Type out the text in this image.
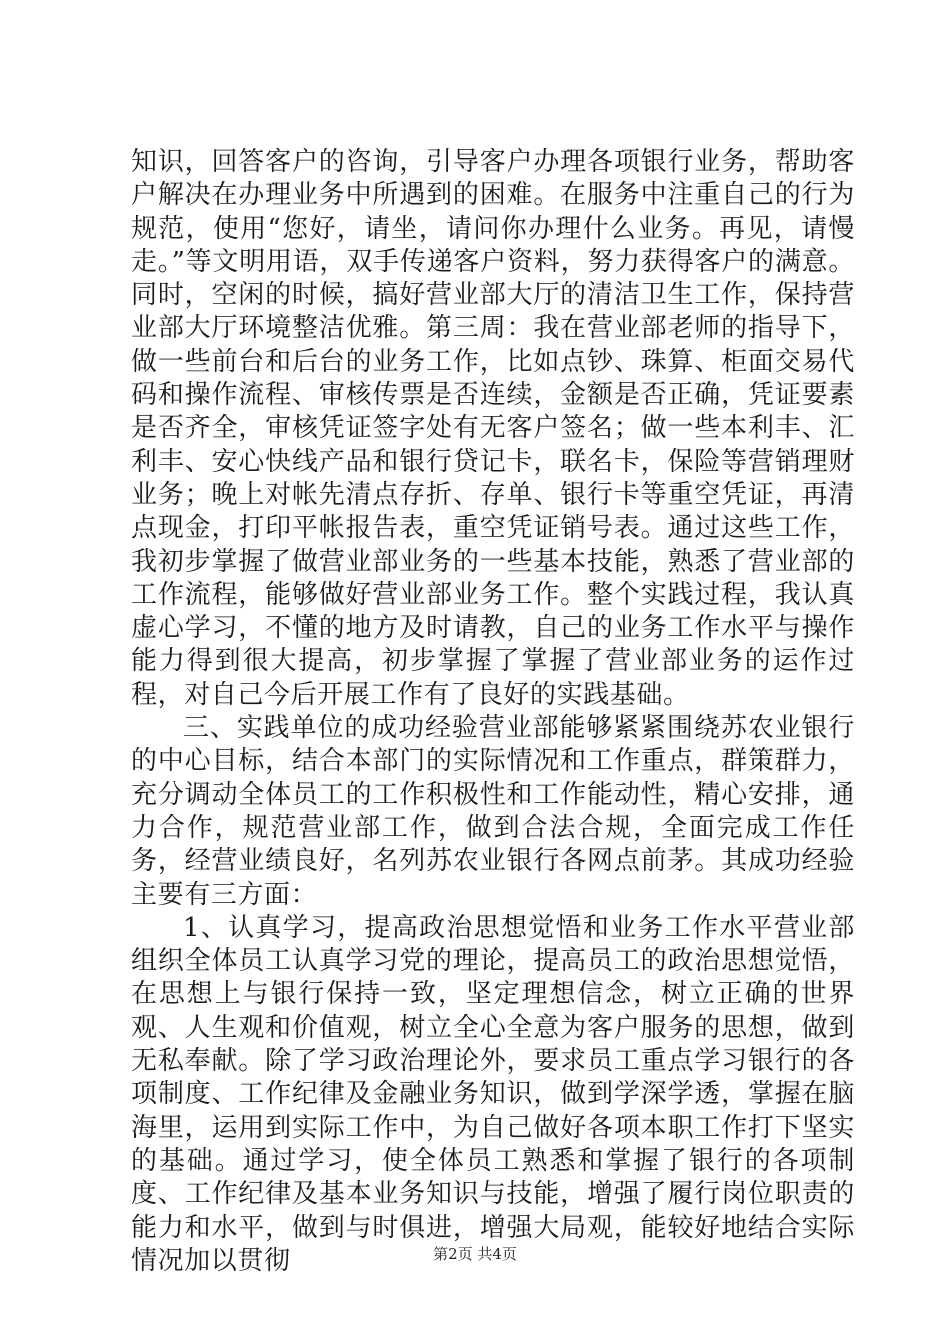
知识，回答客户的咨询，引导客户办理各项银行业务，帮助客户解决在办理业务中所遇到的困难。在服务中注重自己的行为规范，使用“您好，请坐，请问你办理什么业务。再见，请慢走。”等文明用语，双手传递客户资料，努力获得客户的满意。同时，空闲的时候，搞好营业部大厅的清洁卫生工作，保持营业部大厅环境整洁优雅。第三周：我在营业部老师的指导下，做一些前台和后台的业务工作，比如点钞、珠算、柜面交易代码和操作流程、审核传票是否连续，金额是否正确，凭证要素是否齐全，审核凭证签字处有无客户签名；做一些本利丰、汇利丰、安心快线产品和银行贷记卡，联名卡，保险等营销理财业务；晚上对帐先清点存折、存单、银行卡等重空凭证，再清点现金，打印平帐报告表，重空凭证销号表。通过这些工作，我初步掌握了做营业部业务的一些基本技能，熟悉了营业部的工作流程，能够做好营业部业务工作。整个实践过程，我认真虚心学习，不懂的地方及时请教，自己的业务工作水平与操作能力得到很大提高，初步掌握了掌握了营业部业务的运作过程，对自己今后开展工作有了良好的实践基础。

三、实践单位的成功经验营业部能够紧紧围绕苏农业银行的中心目标，结合本部门的实际情况和工作重点，群策群力，充分调动全体员工的工作积极性和工作能动性，精心安排，通力合作，规范营业部工作，做到合法合规，全面完成工作任务，经营业绩良好，名列苏农业银行各网点前茅。其成功经验主要有三方面：

1、认真学习，提高政治思想觉悟和业务工作水平营业部组织全体员工认真学习党的理论，提高员工的政治思想觉悟，在思想上与银行保持一致，坚定理想信念，树立正确的世界观、人生观和价值观，树立全心全意为客户服务的思想，做到无私奉献。除了学习政治理论外，要求员工重点学习银行的各项制度、工作纪律及金融业务知识，做到学深学透，掌握在脑海里，运用到实际工作中，为自己做好各项本职工作打下坚实的基础。通过学习，使全体员工熟悉和掌握了银行的各项制度、工作纪律及基本业务知识与技能，增强了履行岗位职责的能力和水平，做到与时俱进，增强大局观，能较好地结合实际情况加以贯彻	第2页 共4页
